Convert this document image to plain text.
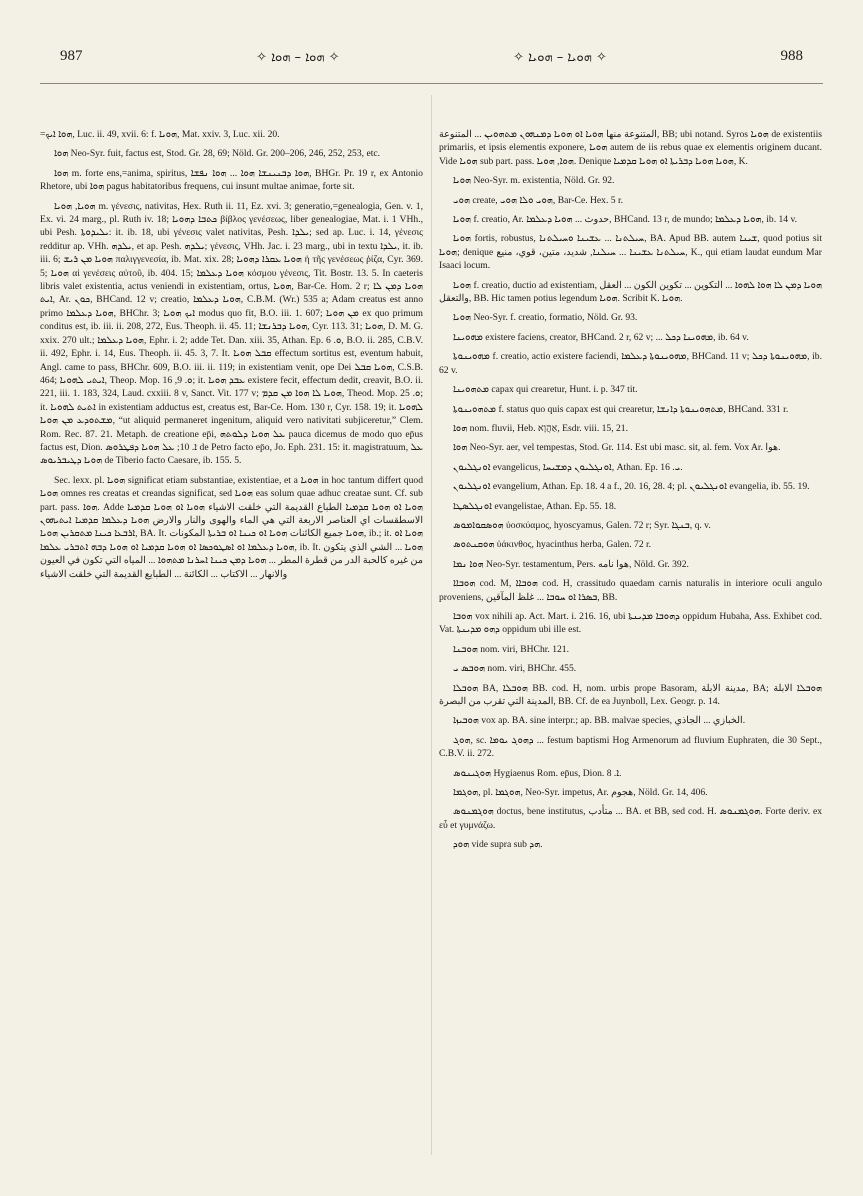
987	✧ ܗܘܐ – ܗܘܐ ✧	✧ ܗܘܝܐ – ܗܘܝܐ ✧	988

=ܗܘܐ ܐܝܟ, Luc. ii. 49, xvii. 6: f. ܗܘܝܐ, Mat. xxiv. 3, Luc. xii. 20.

ܗܘܐ Neo-Syr. fuit, factus est, Stod. Gr. 28, 69; Nöld. Gr. 200–206, 246, 252, 253, etc.

ܗܘܐ m. forte ens,=anima, spiritus, ܗܘܐ ܕܒܢܝܢܫܐ ܗܘܐ ... ܗܘܐ ܢܦܫܐ, BHGr. Pr. 19 r, ex Antonio Rhetore, ubi ܗܘܐ pagus habitatoribus frequens, cui insunt multae animae, forte sit.

ܗܘܝܐ, ܗܘܝܐ m. γένεσις, nativitas, Hex. Ruth ii. 11, Ez. xvi. 3; generatio,=genealogia, Gen. v. 1, Ex. vi. 24 marg., pl. Ruth iv. 18; ܟܬܒܐ ܕܗܘܝܐ βίβλος γενέσεως, liber genealogiae, Mat. i. 1 VHh., ubi Pesh. ܝܠܝܕܘܬܐ: it. ib. 18, ubi γένεσις valet nativitas, Pesh. ܝܠܕܐ; sed ap. Luc. i. 14, γένεσις redditur ap. VHh. ܝܠܕܗ, et ap. Pesh. ܝܠܕܗ; γένεσις, VHh. Jac. i. 23 marg., ubi in textu ܝܠܕܐ, it. ib. iii. 6; ܗܘܝܐ ܡܢ ܪܝܫ παλιγγενεσία, ib. Mat. xix. 28; ܗܘܝܐ ܥܩܪܐ ܕܗܘܝܐ ἡ τῆς γενέσεως ῥίζα, Cyr. 369. 5; ܗܘܝܐ αἱ γενέσεις αὐτοῦ, ib. 404. 15; ܗܘܝܐ ܕܥܠܡܐ κόσμου γένεσις, Tit. Bostr. 13. 5. In caeteris libris valet existentia, actus veniendi in existentiam, ortus, ܗܘܝܐ, Bar-Ce. Hom. 2 r; ܗܘܝܐ ܕܡܢ ܠܐ ܐܝܬ, Ar. ܟܘܢ, BHCand. 12 v; creatio, ܗܘܝܐ ܕܥܠܡܐ, C.B.M. (Wr.) 535 a; Adam creatus est anno primo ܗܘܝܐ ܕܥܠܡܐ, BHChr. 3; ܐܝܟ ܗܘܝܐ modus quo fit, B.O. iii. 1. 607; ܡܢ ܗܘܝܐ ex quo primum conditus est, ib. iii. ii. 208, 272, Eus. Theoph. ii. 45. 11; ܗܘܝܐ ܕܒܪܢܫܐ, Cyr. 113. 31; ܗܘܝܐ, D. M. G. xxix. 270 ult.; ܗܘܝܐ ܕܥܠܡܐ, Ephr. i. 2; adde Tet. Dan. xiii. 35, Athan. Ep. ܘ. 6, B.O. ii. 285, C.B.V. ii. 492, Ephr. i. 14, Eus. Theoph. ii. 45. 3, 7. It. ܩܒܠ ܗܘܝܐ effectum sortitus est, eventum habuit, Angl. came to pass, BHChr. 609, B.O. iii. ii. 119; in existentiam venit, ope Dei ܗܘܝܐ ܩܒܠ, C.S.B. 464; ܐܝܬܝ ܠܗܘܝܐ, Theop. Mop. ܘ. 9, 16; it. ܥܒܕ ܗܘܝܐ existere fecit, effectum dedit, creavit, B.O. ii. 221, iii. 1. 183, 324, Laud. cxxiii. 8 v, Sanct. Vit. 177 v; ܗܘܝܐ ܠܐ ܗܘܐ ܡܢ ܩܕܡ, Theod. Mop. ܘ. 25; it. ܐܬܝܬ ܠܗܘܝܐ in existentiam adductus est, creatus est, Bar-Ce. Hom. 130 r, Cyr. 158. 19; it. ܠܗܘܝܐ ܡܫܬܘܕܥ ܡܢ ܗܘܝܐ, “ut aliquid permaneret ingenitum, aliquid vero nativitati subjiceretur,” Clem. Rom. Rec. 87. 21. Metaph. de creatione ep̄i, ܥܠ ܗܘܝܐ ܕܠܘܬܗ pauca dicemus de modo quo ep̄us factus est, Dion. ܐ. 10; ܥܠ ܗܘܝܐ ܕܦܛܪܘܣ de Petro facto ep̄o, Jo. Eph. 231. 15: it. magistratuum, ܥܠ ܗܘܝܐ ܕܛܝܒܪܝܘܣ de Tiberio facto Caesare, ib. 155. 5.

Sec. lexx. pl. ܗܘܝܐ significat etiam substantiae, existentiae, et a ܗܘܝܐ in hoc tantum differt quod ܗܘܝܐ omnes res creatas et creandas significat, sed ܗܘܝܐ eas solum quae adhuc creatae sunt. Cf. sub part. pass. ܗܘܐ. Adde ܗܘܝܐ ܐܘ ܗܘܝܐ ܩܕܡܝܐ الطباع القديمة التي خلقت الاشياء ܗܘܝܐ ܐܘ ܗܘܝܐ ܩܕܡܝܐ الاسطقسات اي العناصر الاربعة التي هي الماء والهوى والنار والارض ܗܘܝܐ ܕܥܠܡܐ ܩܕܡܝܐ ܐܝܬܝܗܘܢ ܐܪܒܥܐ ܟܝܢܐ ܡܬܩܪܝܢ ܗܘܝܐ, BA. It. ܗܘܝܐ جميع الكائنات ܗܘܝܐ ܐܘ ܟܝܢܐ ܐܘ ܒܪܝܬܐ المكونات, ib.; it. ܗܘܝܐ ܐܘ ܗܘܝܐ ܕܥܠܡܐ ܐܘ ܐܣܛܘܟܣܐ ܐܘ ܗܘܝܐ ܩܕܡܝܐ ܐܘ ܗܘܝܐ ܕܒܗ ܐܬܒܪܝ ܥܠܡܐ, ib. It. ܗܘܝܐ ... الشي الذي يتكون من غيره كالحبة الدر من قطرة المطر ... ܗܘܝܐ ܕܡܢ ܟܝܢܐ ܐܚܪܢܐ ܡܬܗܘܐ ... المياه التي تكون في العيون والانهار ... الاكتاب ... الكائنة ... الطبايع القديمة التي خلقت الاشياء

المتنوعة منها ܗܘܝܐ ܐܘ ܗܘܝܐ ܕܡܢܗܘܢ ܡܬܗܘܝܢ ... المتنوعة, BB; ubi notand. Syros ܗܘܝܐ de existentiis primariis, et ipsis elementis exponere, ܗܘܝܐ autem de iis rebus quae ex elementis originem ducant. Vide ܗܘܝܐ sub part. pass. ܗܘܐ, ܗܘܝܐ. Denique ܗܘܝܐ ܗܘܝܐ ܕܒܪܝܬܐ ܐܘ ܗܘܝܐ ܩܕܡܝܐ, K.

ܗܘܝܐ Neo-Syr. m. existentia, Nöld. Gr. 92.

ܗܘܝ create, ܗܘܝ ܘܠܐ ܗܘܝ, Bar-Ce. Hex. 5 r.

ܗܘܝܐ f. creatio, Ar. حدوث ... ܗܘܝܐ ܕܥܠܡܐ, BHCand. 13 r, de mundo; ܗܘܝܐ ܕܥܠܡܐ, ib. 14 v.

ܗܘܝܐ fortis, robustus, ܚܝܠܬܢܐ ... ܥܫܝܢܐ ܘܚܝܠܬܢܐ, BA. Apud BB. autem ܫܝܢܐ, quod potius sit ܗܘܝܐ; denique ܚܝܠܬܢܐ ܥܫܝܢܐ ... ܚܝܠܢܐ, شديد، متين، قوي، منيع, K., qui etiam laudat eundum Mar Isaaci locum.

ܗܘܝܐ f. creatio, ductio ad existentiam, ܗܘܝܐ ܕܡܢ ܠܐ ܗܘܐ ܠܗܘܐ ... التكوين ... تكوين الكون ... العقل والتعقل, BB. Hic tamen potius legendum ܗܘܝܐ. Scribit K. ܗܘܝܐ.

ܗܘܝܐ Neo-Syr. f. creatio, formatio, Nöld. Gr. 93.

ܡܗܘܝܢܐ existere faciens, creator, BHCand. 2 r, 62 v; ... ܡܗܘܝܢܐ ܕܟܠ, ib. 64 v.

ܡܗܘܝܢܘܬܐ f. creatio, actio existere faciendi, ܡܗܘܝܢܘܬܐ ܕܥܠܡܐ, BHCand. 11 v; ܡܗܘܝܢܘܬܐ ܕܟܠ, ib. 62 v.

ܡܬܗܘܝܢܐ capax qui crearetur, Hunt. i. p. 347 tit.

ܡܬܗܘܝܢܘܬܐ f. status quo quis capax est qui crearetur, ܡܬܗܘܝܢܘܬܐ ܕܐܢܫܐ, BHCand. 331 r.

ܗܘܐ nom. fluvii, Heb. אַהֲוָא, Esdr. viii. 15, 21.

ܗܘܐ Neo-Syr. aer, vel tempestas, Stod. Gr. 114. Est ubi masc. sit, al. fem. Vox Ar. هوا.

ܐܘܢܓܠܝܘܢ evangelicus, ܐܘܢܓܠܝܘܢ ܕܡܫܝܚܐ, Athan. Ep. ܝ. 16.

ܐܘܢܓܠܝܘܢ evangelium, Athan. Ep. 18. 4 a f., 20. 16, 28. 4; pl. ܐܘܢܓܠܝܘܢ evangelia, ib. 55. 19.

ܐܘܢܓܠܣܛܐ evangelistae, Athan. Ep. 55. 18.

ܗܘܣܩܘܐܡܘܣ ὑοσκύαμος, hyoscyamus, Galen. 72 r; Syr. ܒܢܓܐ, q. v.

ܗܘܩܢܬܘܣ ὑάκινθος, hyacinthus herba, Galen. 72 r.

ܗܘܐ ܢܡܐ Neo-Syr. testamentum, Pers. هوا نامه, Nöld. Gr. 392.

ܗܘܒܐܐ cod. M, ܗܘܒܐܐ cod. H, crassitudo quaedam carnis naturalis in interiore oculi angulo proveniens, ܒܣܪܐ ܐܘ ܚܘܒܐ ... غلظ المآقين, BB.

ܗܘܒܐ vox nihili ap. Act. Mart. i. 216. 16, ubi ܕܗܘܒܐ ܡܕܝܢܬܐ oppidum Hubaha, Ass. Exhibet cod. Vat. ܕܗܘ ܡܕܝܢܬܐ oppidum ubi ille est.

ܗܘܒܢܐ nom. viri, BHChr. 121.

ܗܘܒܣ ܝ nom. viri, BHChr. 455.

ܗܘܒܠܐ BA, ܗܘܒܠܐ BB. cod. H, nom. urbis prope Basoram, مدينة الابلة, BA; ܗܘܒܠܐ الابلة المدينة التي تقرب من البصرة, BB. Cf. de ea Juynboll, Lex. Geogr. p. 14.

ܗܘܒܝܙܐ vox ap. BA. sine interpr.; ap. BB. malvae species, الخبازي ... الجاذي.

ܗܘܓ, sc. ܕܗܘܓ ܝܘܡܐ ... festum baptismi Hog Armenorum ad fluvium Euphraten, die 30 Sept., C.B.V. ii. 272.

ܗܘܓܝܢܘܣ Hygiaenus Rom. ep̄us, Dion. ܐ. 8.

ܗܘܓܡܐ, pl. ܗܘܓܡܐ, Neo-Syr. impetus, Ar. هجوم, Nöld. Gr. 14, 406.

ܗܘܓܡܢܘܣ doctus, bene institutus, متأدب ... BA. et BB, sed cod. H. ܗܘܓܡܢܘܣ. Forte deriv. ex εὖ et γυμνάζω.

ܗܘܕ vide supra sub ܗܕ.
